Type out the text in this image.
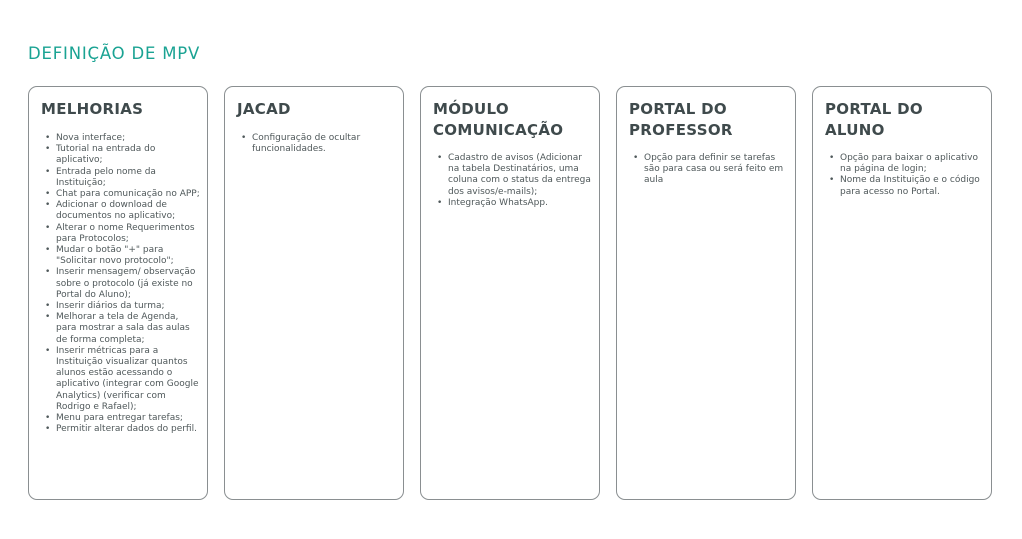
DEFINIÇÃO DE MPV
MELHORIAS
• Nova interface;
• Tutorial na entrada do aplicativo;
• Entrada pelo nome da Instituição;
• Chat para comunicação no APP;
• Adicionar o download de documentos no aplicativo;
• Alterar o nome Requerimentos para Protocolos;
• Mudar o botão "+" para "Solicitar novo protocolo";
• Inserir mensagem/ observação sobre o protocolo (já existe no Portal do Aluno);
• Inserir diários da turma;
• Melhorar a tela de Agenda, para mostrar a sala das aulas de forma completa;
• Inserir métricas para a Instituição visualizar quantos alunos estão acessando o aplicativo (integrar com Google Analytics) (verificar com Rodrigo e Rafael);
• Menu para entregar tarefas;
• Permitir alterar dados do perfil.
JACAD
• Configuração de ocultar funcionalidades.
MÓDULO COMUNICAÇÃO
• Cadastro de avisos (Adicionar na tabela Destinatários, uma coluna com o status da entrega dos avisos/e-mails);
• Integração WhatsApp.
PORTAL DO PROFESSOR
• Opção para definir se tarefas são para casa ou será feito em aula
PORTAL DO ALUNO
• Opção para baixar o aplicativo na página de login;
• Nome da Instituição e o código para acesso no Portal.
